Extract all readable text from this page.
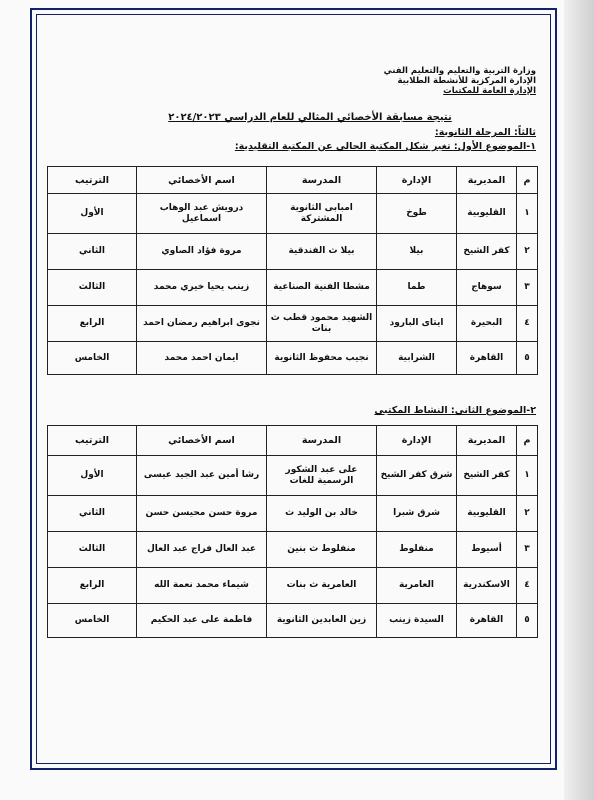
وزارة التربية والتعليم والتعليم الفني
الإدارة المركزية للأنشطة الطلابية
الإدارة العامة للمكتبات
نتيجة مسابقة الأخصائي المثالي للعام الدراسي ٢٠٢٤/٢٠٢٣
ثالثاً: المرحلة الثانوية:
١-الموضوع الأول: تغير شكل المكتبة الحالي عن المكتبة التقليدية:
م	المديرية	الإدارة	المدرسة	اسم الأخصائي	الترتيب
١	القليوبية	طوخ	امبابى الثانوية المشتركة	درويش عبد الوهاب اسماعيل	الأول
٢	كفر الشيخ	بيلا	بيلا ث الفندقية	مروة فؤاد الصاوي	الثاني
٣	سوهاج	طما	مشطا الفنية الصناعية	زينب يحيا خيري محمد	الثالث
٤	البحيرة	ايتاى البارود	الشهيد محمود قطب ث بنات	نجوى ابراهيم رمضان احمد	الرابع
٥	القاهرة	الشرابية	نجيب محفوظ الثانوية	ايمان احمد محمد	الخامس
٢-الموضوع الثاني: النشاط المكتبي
م	المديرية	الإدارة	المدرسة	اسم الأخصائي	الترتيب
١	كفر الشيخ	شرق كفر الشيخ	على عبد الشكور الرسمية للغات	رشا أمين عبد الجيد عيسى	الأول
٢	القليوبية	شرق شبرا	خالد بن الوليد ث	مروة حسن محيسن حسن	الثاني
٣	أسيوط	منفلوط	منفلوط ث بنين	عبد العال فراج عبد العال	الثالث
٤	الاسكندرية	العامرية	العامرية ث بنات	شيماء محمد نعمة الله	الرابع
٥	القاهرة	السيدة زينب	زين العابدين الثانوية	فاطمة على عبد الحكيم	الخامس
